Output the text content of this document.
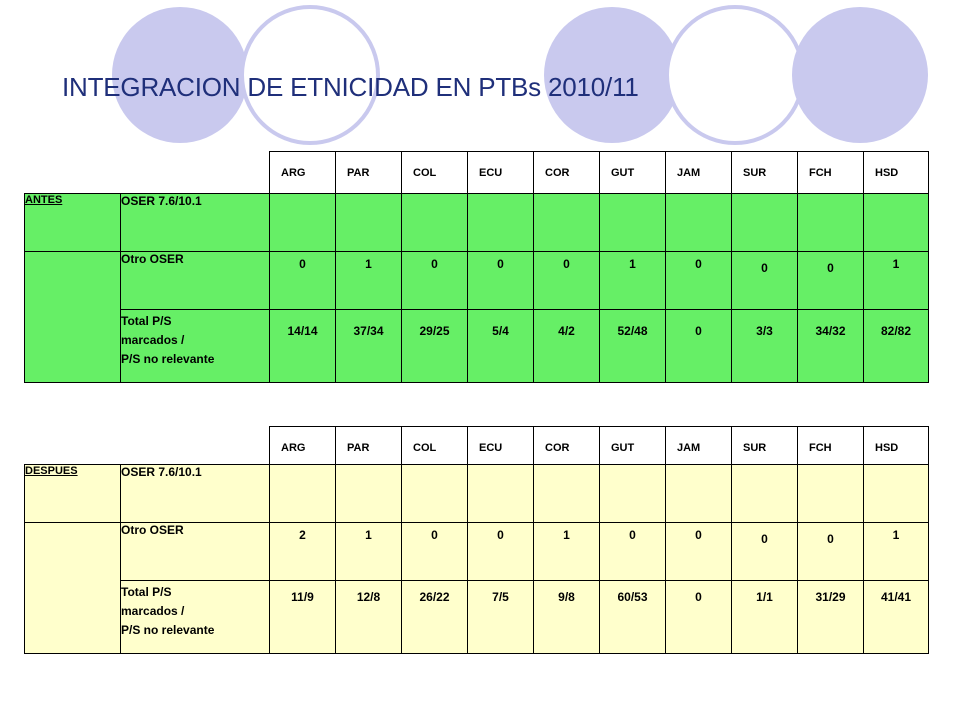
INTEGRACION DE ETNICIDAD EN PTBs 2010/11
		ARG	PAR	COL	ECU	COR	GUT	JAM	SUR	FCH	HSD
ANTES	OSER 7.6/10.1	

	Otro OSER	0	1	0	0	0	1	0	0	0	1

	Total P/S
marcados /
P/S no relevante	14/14	37/34	29/25	5/4	4/2	52/48	0	3/3	34/32	82/82
		ARG	PAR	COL	ECU	COR	GUT	JAM	SUR	FCH	HSD
DESPUES	OSER 7.6/10.1	

	Otro OSER	2	1	0	0	1	0	0	0	0	1

	Total P/S
marcados /
P/S no relevante	11/9	12/8	26/22	7/5	9/8	60/53	0	1/1	31/29	41/41
